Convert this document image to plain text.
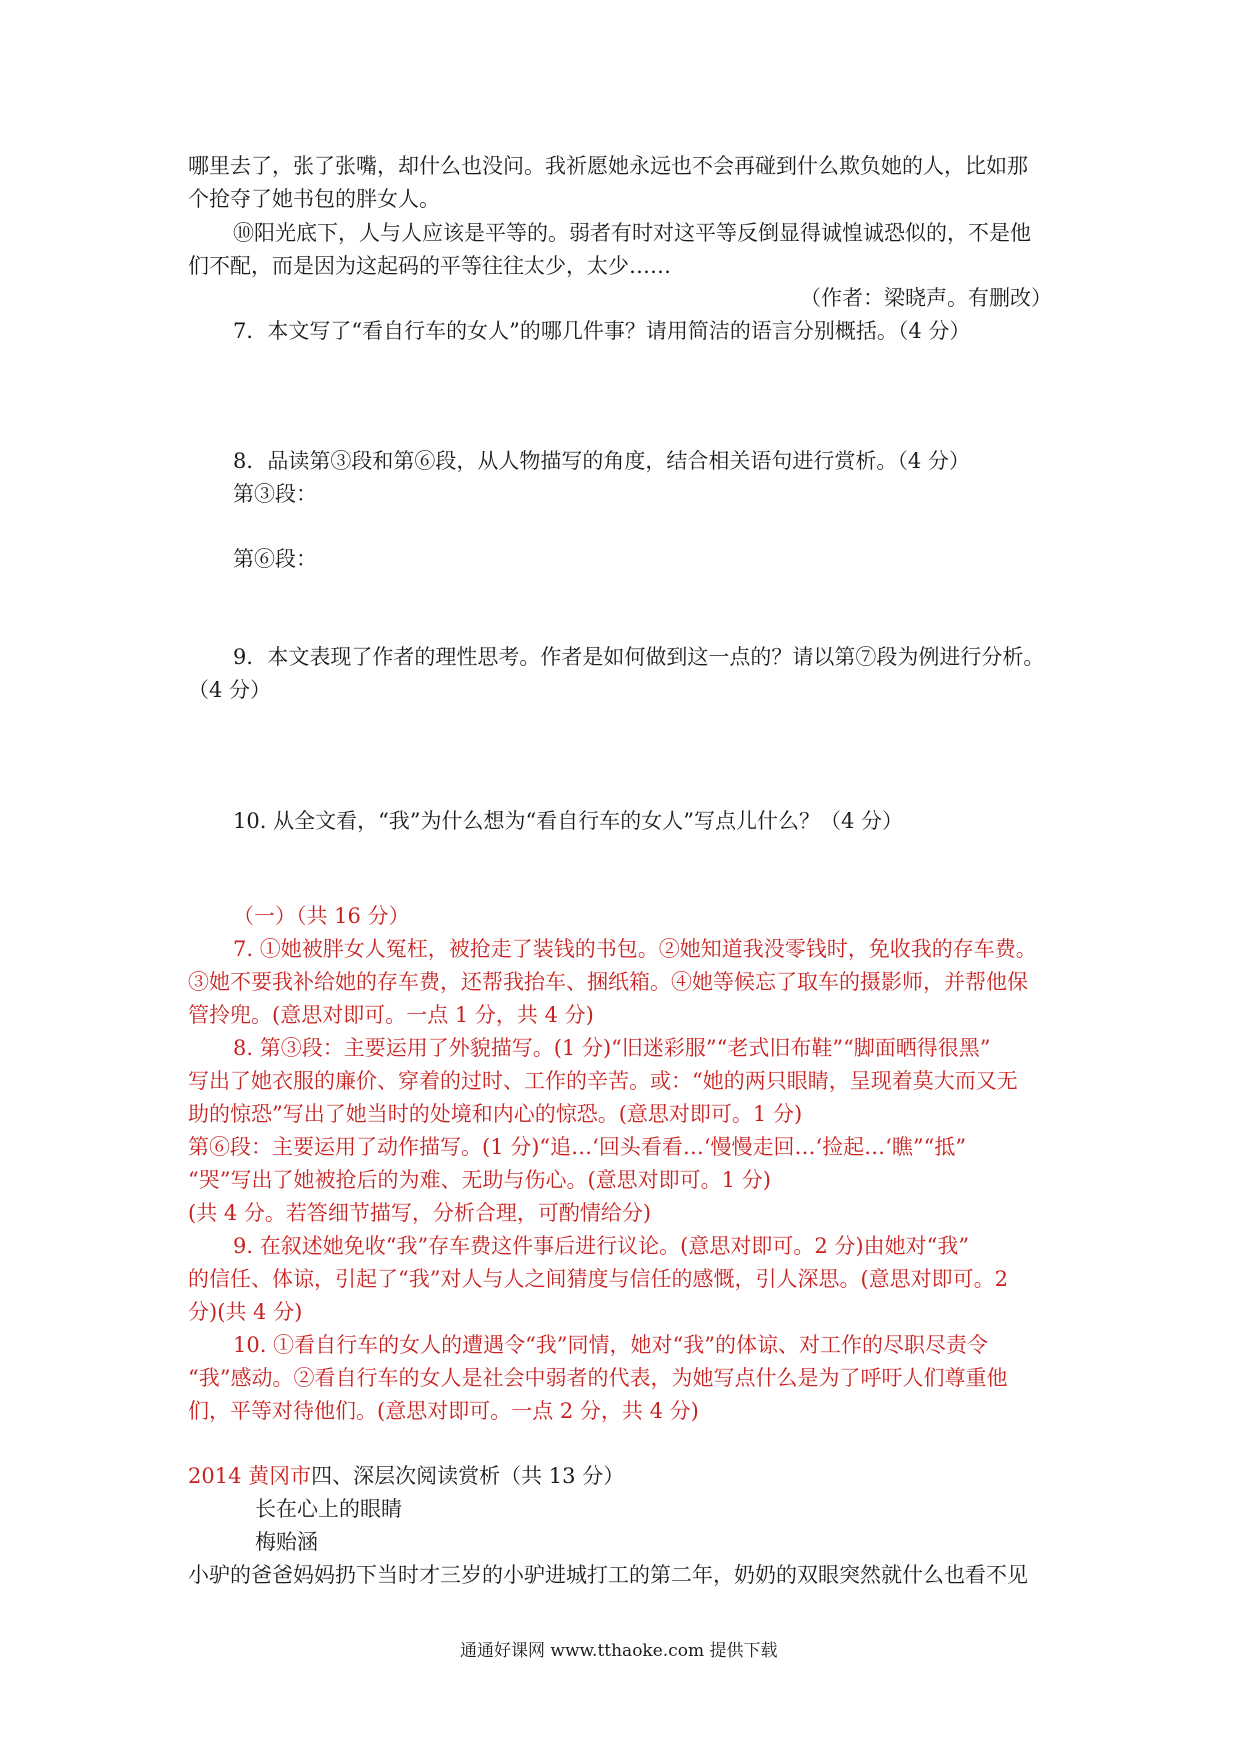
哪里去了，张了张嘴，却什么也没问。我祈愿她永远也不会再碰到什么欺负她的人，比如那
个抢夺了她书包的胖女人。
⑩阳光底下，人与人应该是平等的。弱者有时对这平等反倒显得诚惶诚恐似的，不是他
们不配，而是因为这起码的平等往往太少，太少……
（作者：梁晓声。有删改）
7．本文写了“看自行车的女人”的哪几件事？请用简洁的语言分别概括。（4 分）
8．品读第③段和第⑥段，从人物描写的角度，结合相关语句进行赏析。（4 分）
第③段：
第⑥段：
9．本文表现了作者的理性思考。作者是如何做到这一点的？请以第⑦段为例进行分析。
（4 分）
10. 从全文看，“我”为什么想为“看自行车的女人”写点儿什么？（4 分）
（一）（共 16 分）
7. ①她被胖女人冤枉，被抢走了装钱的书包。②她知道我没零钱时，免收我的存车费。
③她不要我补给她的存车费，还帮我抬车、捆纸箱。④她等候忘了取车的摄影师，并帮他保
管拎兜。(意思对即可。一点 1 分，共 4 分)
8. 第③段：主要运用了外貌描写。(1 分)“旧迷彩服”“老式旧布鞋”“脚面晒得很黑”
写出了她衣服的廉价、穿着的过时、工作的辛苦。或：“她的两只眼睛，呈现着莫大而又无
助的惊恐”写出了她当时的处境和内心的惊恐。(意思对即可。1 分)
第⑥段：主要运用了动作描写。(1 分)“追…‘回头看看…‘慢慢走回…‘捡起…‘瞧”“抵”
“哭”写出了她被抢后的为难、无助与伤心。(意思对即可。1 分)
(共 4 分。若答细节描写，分析合理，可酌情给分)
9. 在叙述她免收“我”存车费这件事后进行议论。(意思对即可。2 分)由她对“我”
的信任、体谅，引起了“我”对人与人之间猜度与信任的感慨，引人深思。(意思对即可。2
分)(共 4 分)
10. ①看自行车的女人的遭遇令“我”同情，她对“我”的体谅、对工作的尽职尽责令
“我”感动。②看自行车的女人是社会中弱者的代表，为她写点什么是为了呼吁人们尊重他
们，平等对待他们。(意思对即可。一点 2 分，共 4 分)
2014 黄冈市四、深层次阅读赏析（共 13 分）
长在心上的眼睛
梅贻涵
小驴的爸爸妈妈扔下当时才三岁的小驴进城打工的第二年，奶奶的双眼突然就什么也看不见
通通好课网 www.tthaoke.com 提供下载
